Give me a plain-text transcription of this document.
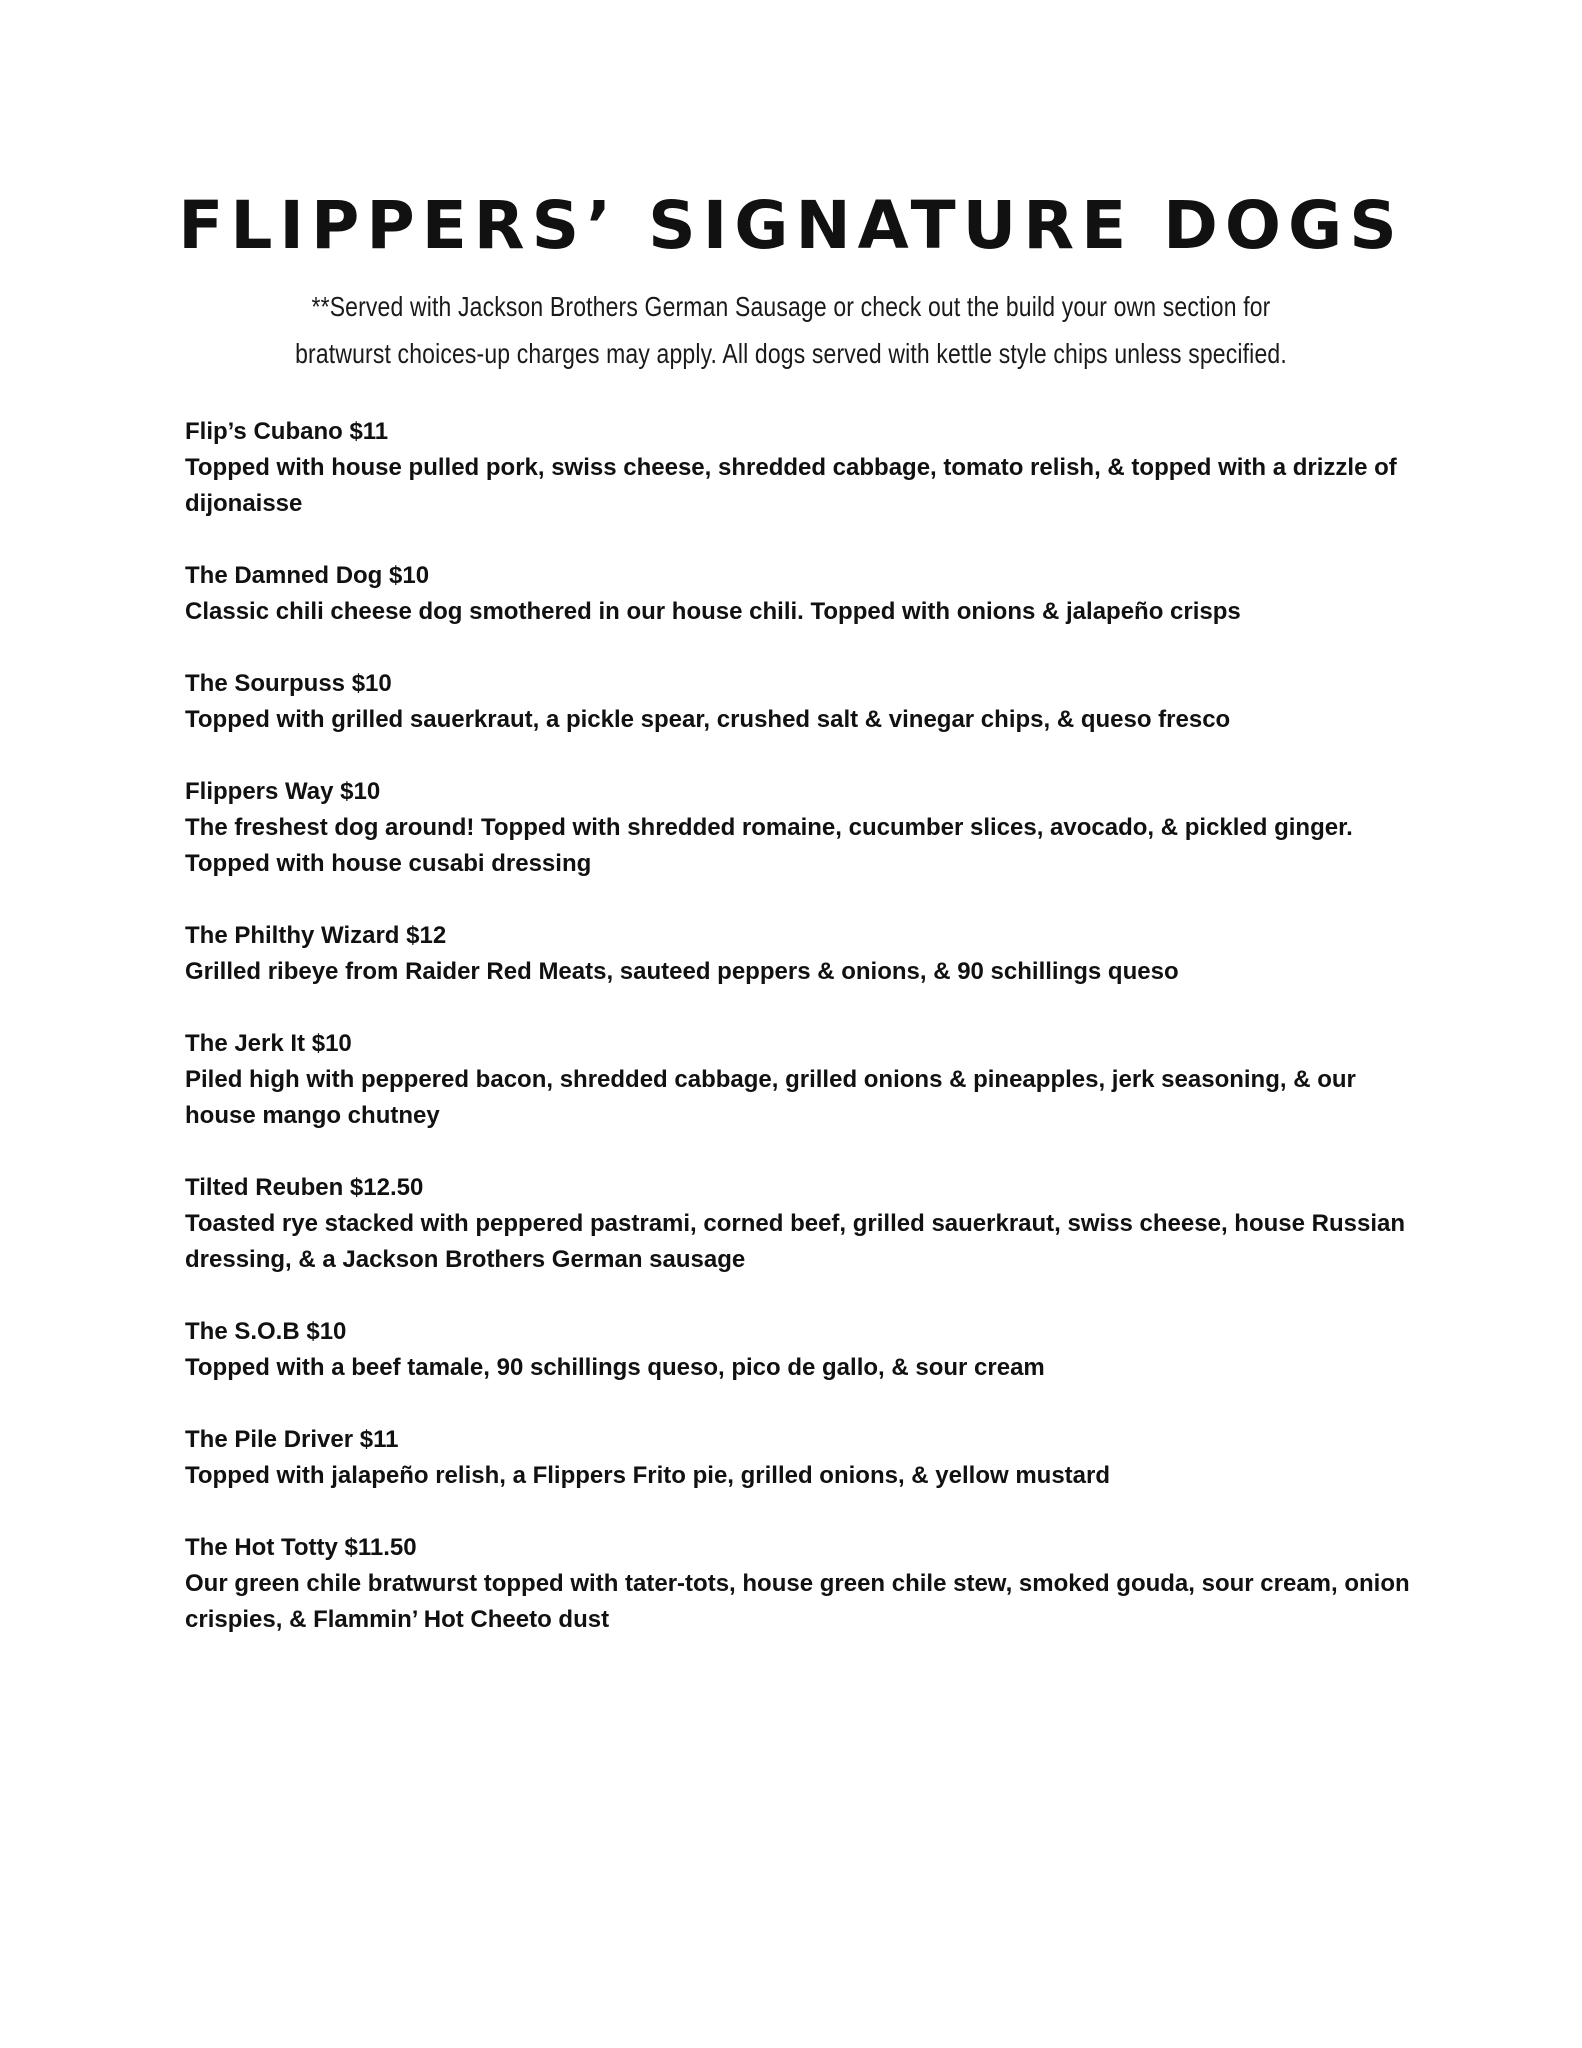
FLIPPERS’ SIGNATURE DOGS

**Served with Jackson Brothers German Sausage or check out the build your own section for bratwurst choices-up charges may apply. All dogs served with kettle style chips unless specified.

Flip’s Cubano $11
Topped with house pulled pork, swiss cheese, shredded cabbage, tomato relish, & topped with a drizzle of dijonaisse
The Damned Dog $10
Classic chili cheese dog smothered in our house chili. Topped with onions & jalapeño crisps
The Sourpuss $10
Topped with grilled sauerkraut, a pickle spear, crushed salt & vinegar chips, & queso fresco
Flippers Way $10
The freshest dog around! Topped with shredded romaine, cucumber slices, avocado, & pickled ginger. Topped with house cusabi dressing
The Philthy Wizard $12
Grilled ribeye from Raider Red Meats, sauteed peppers & onions, & 90 schillings queso
The Jerk It $10
Piled high with peppered bacon, shredded cabbage, grilled onions & pineapples, jerk seasoning, & our house mango chutney
Tilted Reuben $12.50
Toasted rye stacked with peppered pastrami, corned beef, grilled sauerkraut, swiss cheese, house Russian dressing, & a Jackson Brothers German sausage
The S.O.B $10
Topped with a beef tamale, 90 schillings queso, pico de gallo, & sour cream
The Pile Driver $11
Topped with jalapeño relish, a Flippers Frito pie, grilled onions, & yellow mustard
The Hot Totty $11.50
Our green chile bratwurst topped with tater-tots, house green chile stew, smoked gouda, sour cream, onion crispies, & Flammin’ Hot Cheeto dust
